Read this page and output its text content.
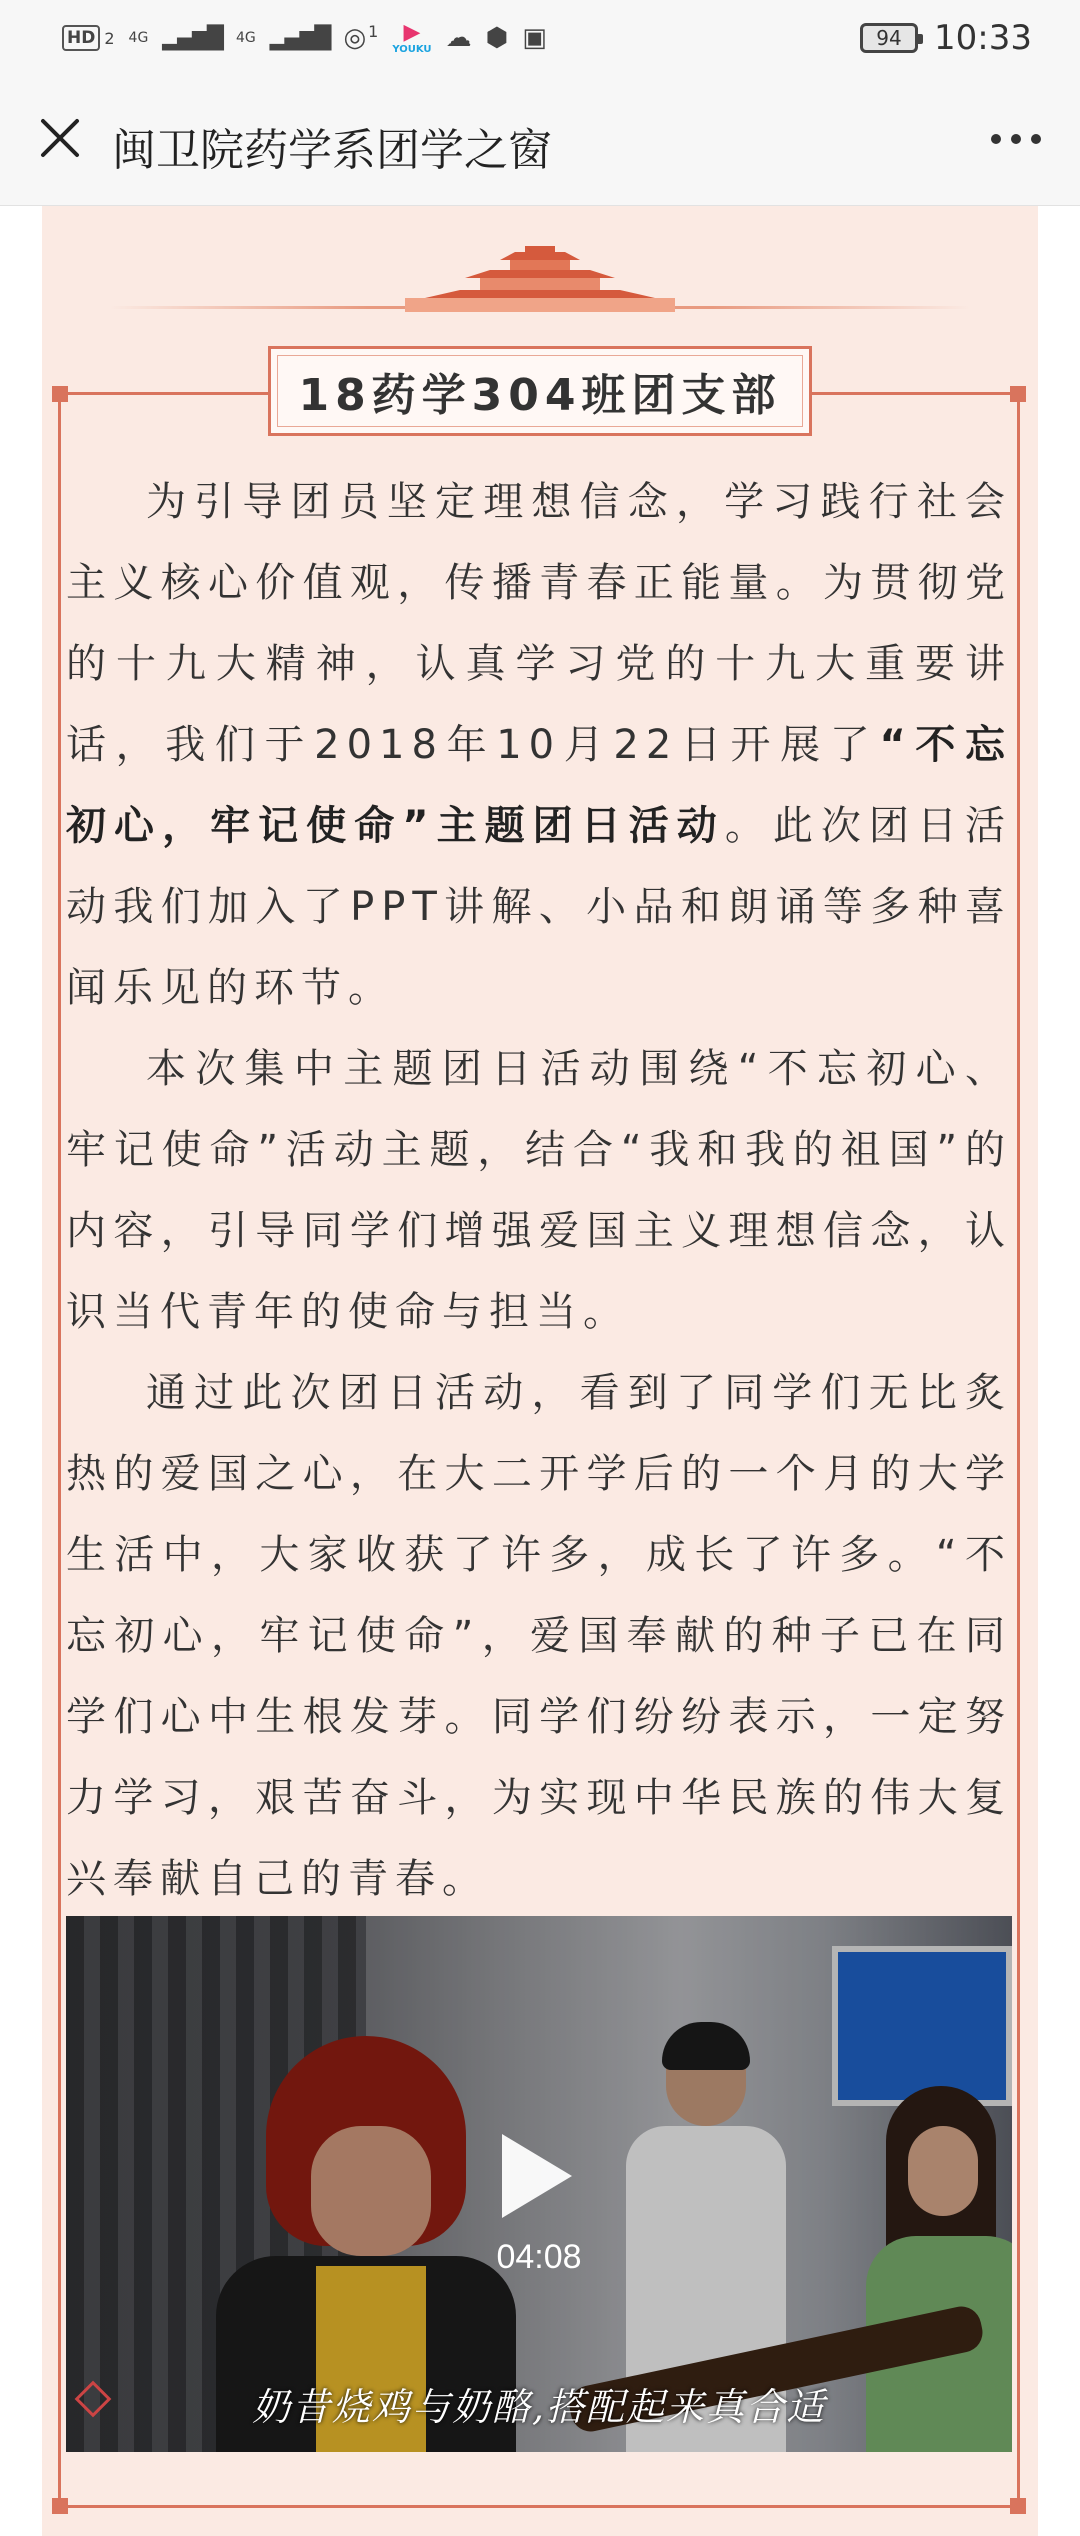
HD 2 4G ▂▄▆█ 4G ▂▄▆█ ◎ 1 ▶
YOUKU ☁ ⬢ ▣	94 10:33
闽卫院药学系团学之窗
18药学304班团支部

为引导团员坚定理想信念，学习践行社会主义核心价值观，传播青春正能量。为贯彻党的十九大精神，认真学习党的十九大重要讲话，我们于2018年10月22日开展了“不忘初心，牢记使命”主题团日活动。此次团日活动我们加入了PPT讲解、小品和朗诵等多种喜闻乐见的环节。

本次集中主题团日活动围绕“不忘初心、牢记使命”活动主题，结合“我和我的祖国”的内容，引导同学们增强爱国主义理想信念，认识当代青年的使命与担当。

通过此次团日活动，看到了同学们无比炙热的爱国之心，在大二开学后的一个月的大学生活中，大家收获了许多，成长了许多。“不忘初心，牢记使命”，爱国奉献的种子已在同学们心中生根发芽。同学们纷纷表示，一定努力学习，艰苦奋斗，为实现中华民族的伟大复兴奉献自己的青春。

04:08
奶昔烧鸡与奶酪,搭配起来真合适
